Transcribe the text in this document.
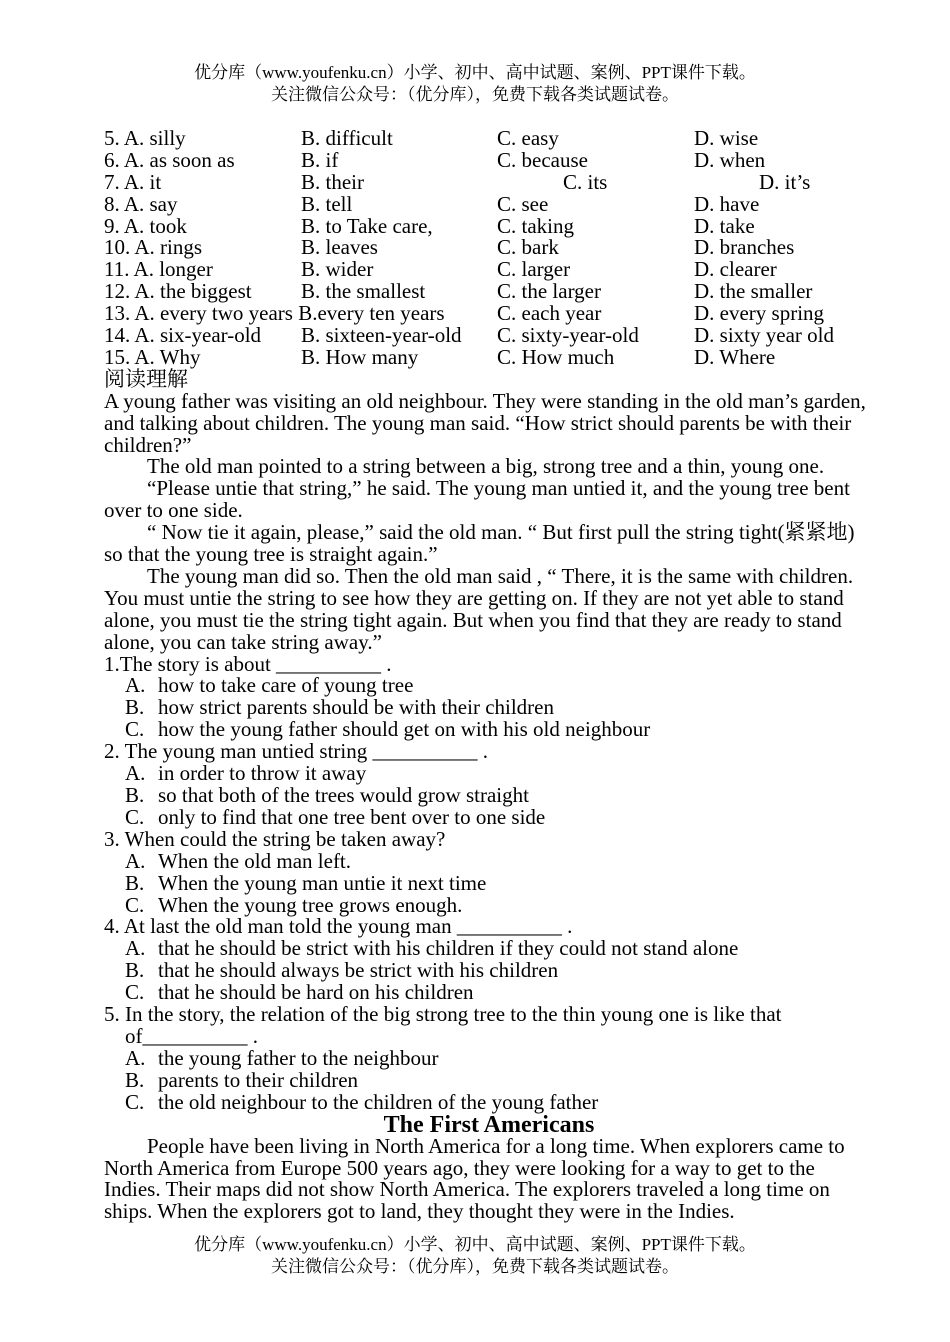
优分库（www.youfenku.cn）小学、初中、高中试题、案例、PPT课件下载。
关注微信公众号：（优分库），免费下载各类试题试卷。
5. A. silly	B. difficult	C. easy	D. wise
6. A. as soon as	B. if	C. because	D. when
7. A. it	B. their	C. its	D. it’s
8. A. say	B. tell	C. see	D. have
9. A. took	B. to Take care,	C. taking	D. take
10. A. rings	B. leaves	C. bark	D. branches
11. A. longer	B. wider	C. larger	D. clearer
12. A. the biggest B. the smallest	C. the larger	D. the smaller
13. A. every two years B.every ten years C. each year	D. every spring
14. A. six-year-old B. sixteen-year-old C. sixty-year-old	D. sixty year old
15. A. Why	B. How many	C. How much	D. Where
阅读理解

A young father was visiting an old neighbour. They were standing in the old man’s garden, and talking about children. The young man said. “How strict should parents be with their children?”

The old man pointed to a string between a big, strong tree and a thin, young one.

“Please untie that string,” he said. The young man untied it, and the young tree bent over to one side.

“ Now tie it again, please,” said the old man. “ But first pull the string tight(紧紧地) so that the young tree is straight again.”

The young man did so. Then the old man said , “ There, it is the same with children. You must untie the string to see how they are getting on. If they are not yet able to stand alone, you must tie the string tight again. But when you find that they are ready to stand alone, you can take string away.”

1.The story is about __________ .
A. how to take care of young tree
B. how strict parents should be with their children
C. how the young father should get on with his old neighbour
2. The young man untied string __________ .
A. in order to throw it away
B. so that both of the trees would grow straight
C. only to find that one tree bent over to one side
3. When could the string be taken away?
A. When the old man left.
B. When the young man untie it next time
C. When the young tree grows enough.
4. At last the old man told the young man __________ .
A. that he should be strict with his children if they could not stand alone
B. that he should always be strict with his children
C. that he should be hard on his children
5. In the story, the relation of the big strong tree to the thin young one is like that
of__________ .
A. the young father to the neighbour
B. parents to their children
C. the old neighbour to the children of the young father
The First Americans

People have been living in North America for a long time. When explorers came to North America from Europe 500 years ago, they were looking for a way to get to the Indies. Their maps did not show North America. The explorers traveled a long time on ships. When the explorers got to land, they thought they were in the Indies.

优分库（www.youfenku.cn）小学、初中、高中试题、案例、PPT课件下载。
关注微信公众号：（优分库），免费下载各类试题试卷。
